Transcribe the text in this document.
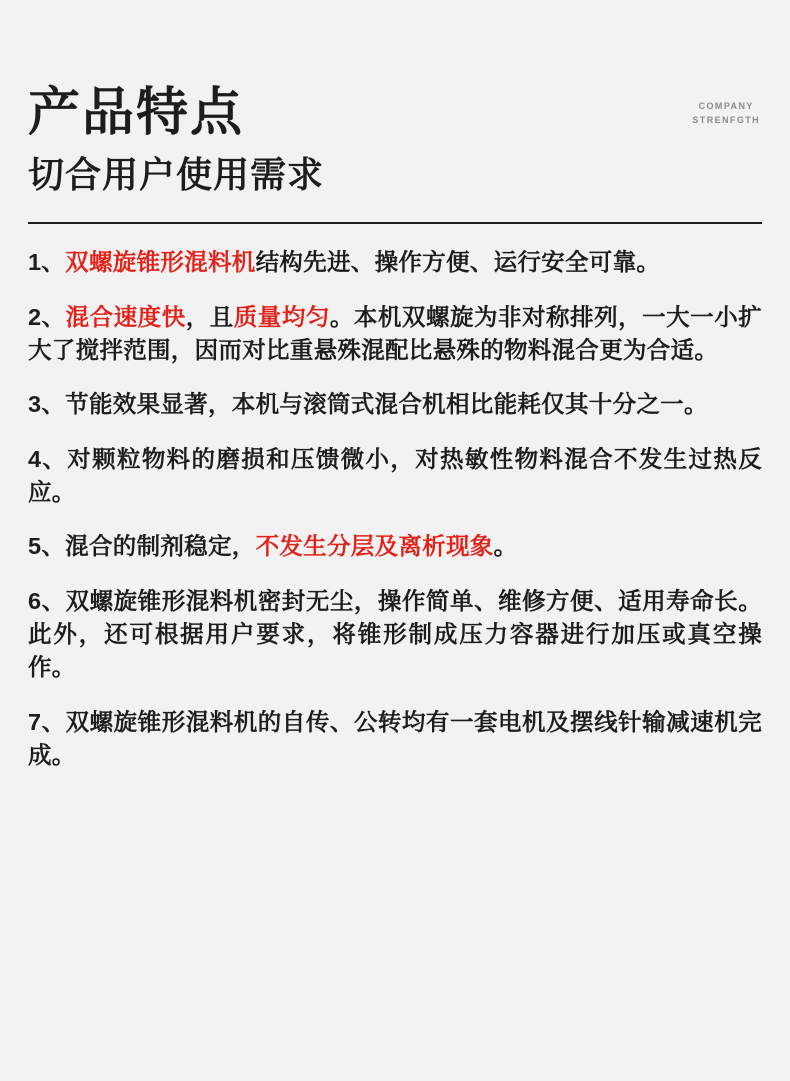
产品特点
切合用户使用需求
COMPANY
STRENFGTH

1、双螺旋锥形混料机结构先进、操作方便、运行安全可靠。

2、混合速度快，且质量均匀。本机双螺旋为非对称排列，一大一小扩大了搅拌范围，因而对比重悬殊混配比悬殊的物料混合更为合适。

3、节能效果显著，本机与滚筒式混合机相比能耗仅其十分之一。

4、对颗粒物料的磨损和压馈微小，对热敏性物料混合不发生过热反应。

5、混合的制剂稳定，不发生分层及离析现象。

6、双螺旋锥形混料机密封无尘，操作简单、维修方便、适用寿命长。此外，还可根据用户要求，将锥形制成压力容器进行加压或真空操作。

7、双螺旋锥形混料机的自传、公转均有一套电机及摆线针输减速机完成。
